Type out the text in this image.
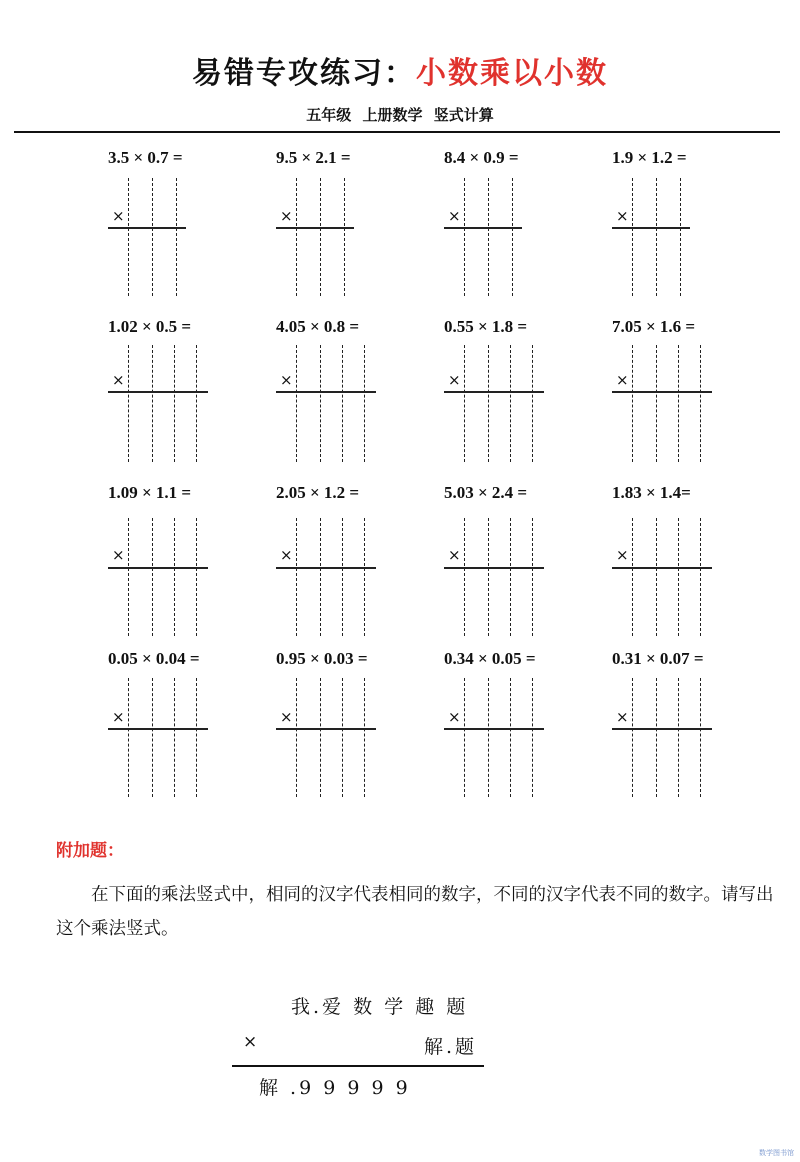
易错专攻练习：小数乘以小数
五年级 上册数学 竖式计算
3.5 × 0.7 =
×
9.5 × 2.1 =
×
8.4 × 0.9 =
×
1.9 × 1.2 =
×
1.02 × 0.5 =
×
4.05 × 0.8 =
×
0.55 × 1.8 =
×
7.05 × 1.6 =
×
1.09 × 1.1 =
×
2.05 × 1.2 =
×
5.03 × 2.4 =
×
1.83 × 1.4=
×
0.05 × 0.04 =
×
0.95 × 0.03 =
×
0.34 × 0.05 =
×
0.31 × 0.07 =
×
附加题：
在下面的乘法竖式中，相同的汉字代表相同的数字，不同的汉字代表不同的数字。请写出这个乘法竖式。
我.爱 数 学 趣 题
×	解.题
解 .9 9 9 9 9
数学图书馆
